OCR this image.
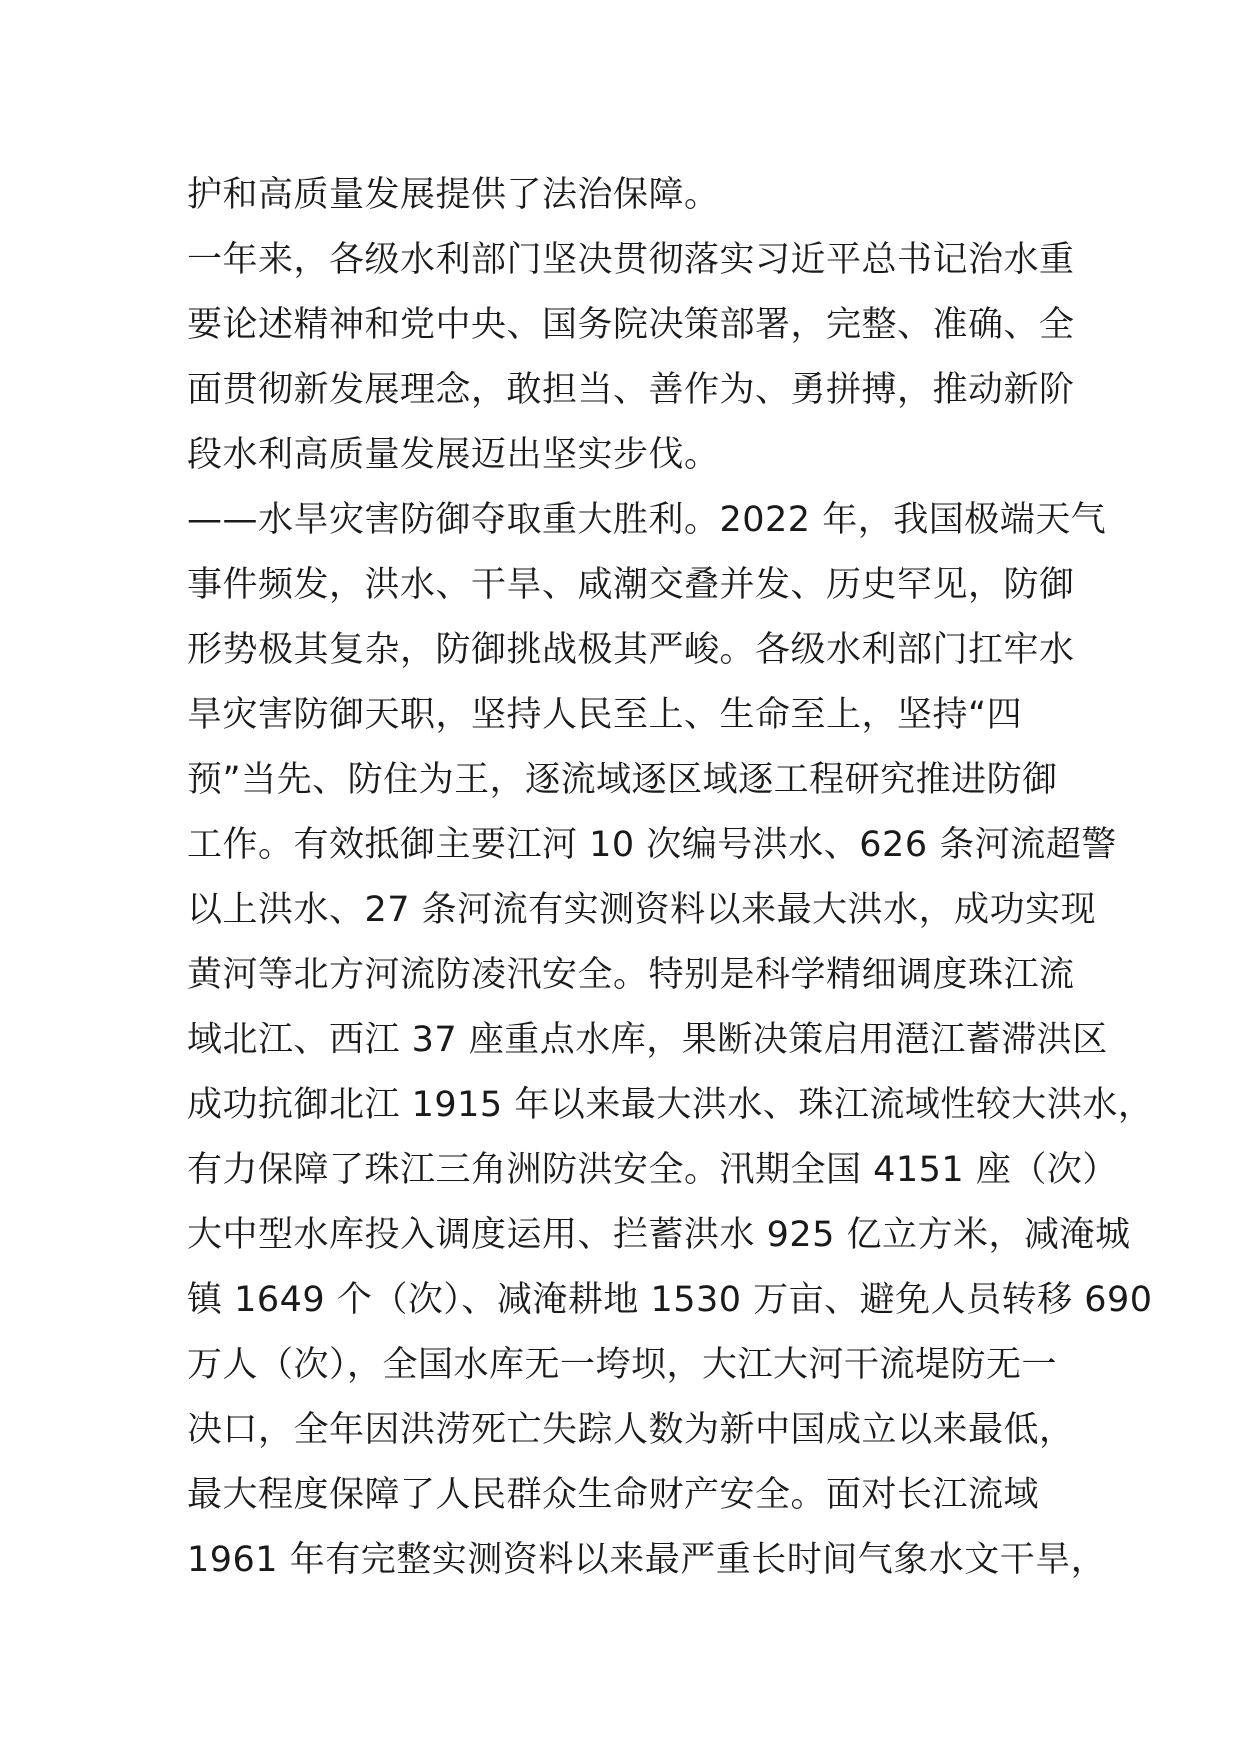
护和高质量发展提供了法治保障。
一年来，各级水利部门坚决贯彻落实习近平总书记治水重
要论述精神和党中央、国务院决策部署，完整、准确、全
面贯彻新发展理念，敢担当、善作为、勇拼搏，推动新阶
段水利高质量发展迈出坚实步伐。
——水旱灾害防御夺取重大胜利。2022 年，我国极端天气
事件频发，洪水、干旱、咸潮交叠并发、历史罕见，防御
形势极其复杂，防御挑战极其严峻。各级水利部门扛牢水
旱灾害防御天职，坚持人民至上、生命至上，坚持“四
预”当先、防住为王，逐流域逐区域逐工程研究推进防御
工作。有效抵御主要江河 10 次编号洪水、626 条河流超警
以上洪水、27 条河流有实测资料以来最大洪水，成功实现
黄河等北方河流防凌汛安全。特别是科学精细调度珠江流
域北江、西江 37 座重点水库，果断决策启用潖江蓄滞洪区
成功抗御北江 1915 年以来最大洪水、珠江流域性较大洪水，
有力保障了珠江三角洲防洪安全。汛期全国 4151 座（次）
大中型水库投入调度运用、拦蓄洪水 925 亿立方米，减淹城
镇 1649 个（次）、减淹耕地 1530 万亩、避免人员转移 690
万人（次），全国水库无一垮坝，大江大河干流堤防无一
决口，全年因洪涝死亡失踪人数为新中国成立以来最低，
最大程度保障了人民群众生命财产安全。面对长江流域
1961 年有完整实测资料以来最严重长时间气象水文干旱，
